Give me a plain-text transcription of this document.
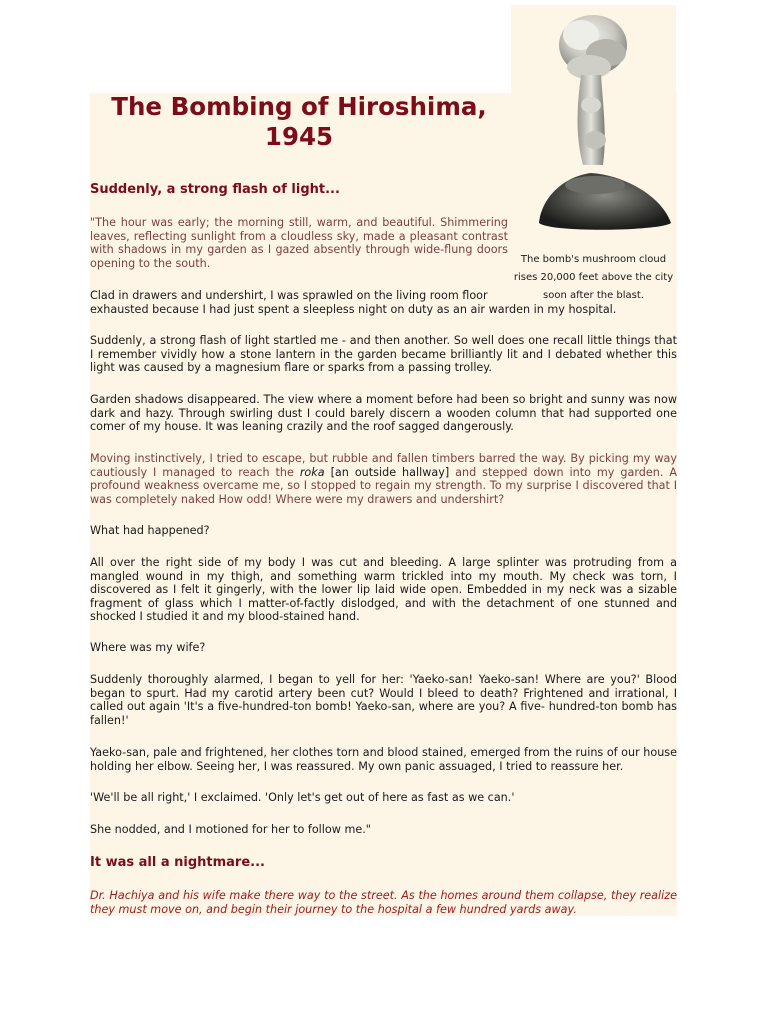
The bomb's mushroom cloud rises 20,000 feet above the city soon after the blast.
The Bombing of Hiroshima, 1945
Suddenly, a strong flash of light...

"The hour was early; the morning still, warm, and beautiful. Shimmering leaves, reflecting sunlight from a cloudless sky, made a pleasant contrast with shadows in my garden as I gazed absently through wide-flung doors opening to the south.

Clad in drawers and undershirt, I was sprawled on the living room floor

exhausted because I had just spent a sleepless night on duty as an air warden in my hospital.

Suddenly, a strong flash of light startled me - and then another. So well does one recall little things that I remember vividly how a stone lantern in the garden became brilliantly lit and I debated whether this light was caused by a magnesium flare or sparks from a passing trolley.

Garden shadows disappeared. The view where a moment before had been so bright and sunny was now dark and hazy. Through swirling dust I could barely discern a wooden column that had supported one comer of my house. It was leaning crazily and the roof sagged dangerously.

Moving instinctively, I tried to escape, but rubble and fallen timbers barred the way. By picking my way cautiously I managed to reach the roka [an outside hallway] and stepped down into my garden. A profound weakness overcame me, so I stopped to regain my strength. To my surprise I discovered that I was completely naked How odd! Where were my drawers and undershirt?

What had happened?

All over the right side of my body I was cut and bleeding. A large splinter was protruding from a mangled wound in my thigh, and something warm trickled into my mouth. My check was torn, I discovered as I felt it gingerly, with the lower lip laid wide open. Embedded in my neck was a sizable fragment of glass which I matter-of-factly dislodged, and with the detachment of one stunned and shocked I studied it and my blood-stained hand.

Where was my wife?

Suddenly thoroughly alarmed, I began to yell for her: 'Yaeko-san! Yaeko-san! Where are you?' Blood began to spurt. Had my carotid artery been cut? Would I bleed to death? Frightened and irrational, I called out again 'It's a five-hundred-ton bomb! Yaeko-san, where are you? A five- hundred-ton bomb has fallen!'

Yaeko-san, pale and frightened, her clothes torn and blood stained, emerged from the ruins of our house holding her elbow. Seeing her, I was reassured. My own panic assuaged, I tried to reassure her.

'We'll be all right,' I exclaimed. 'Only let's get out of here as fast as we can.'

She nodded, and I motioned for her to follow me."

It was all a nightmare...

Dr. Hachiya and his wife make there way to the street. As the homes around them collapse, they realize they must move on, and begin their journey to the hospital a few hundred yards away.
